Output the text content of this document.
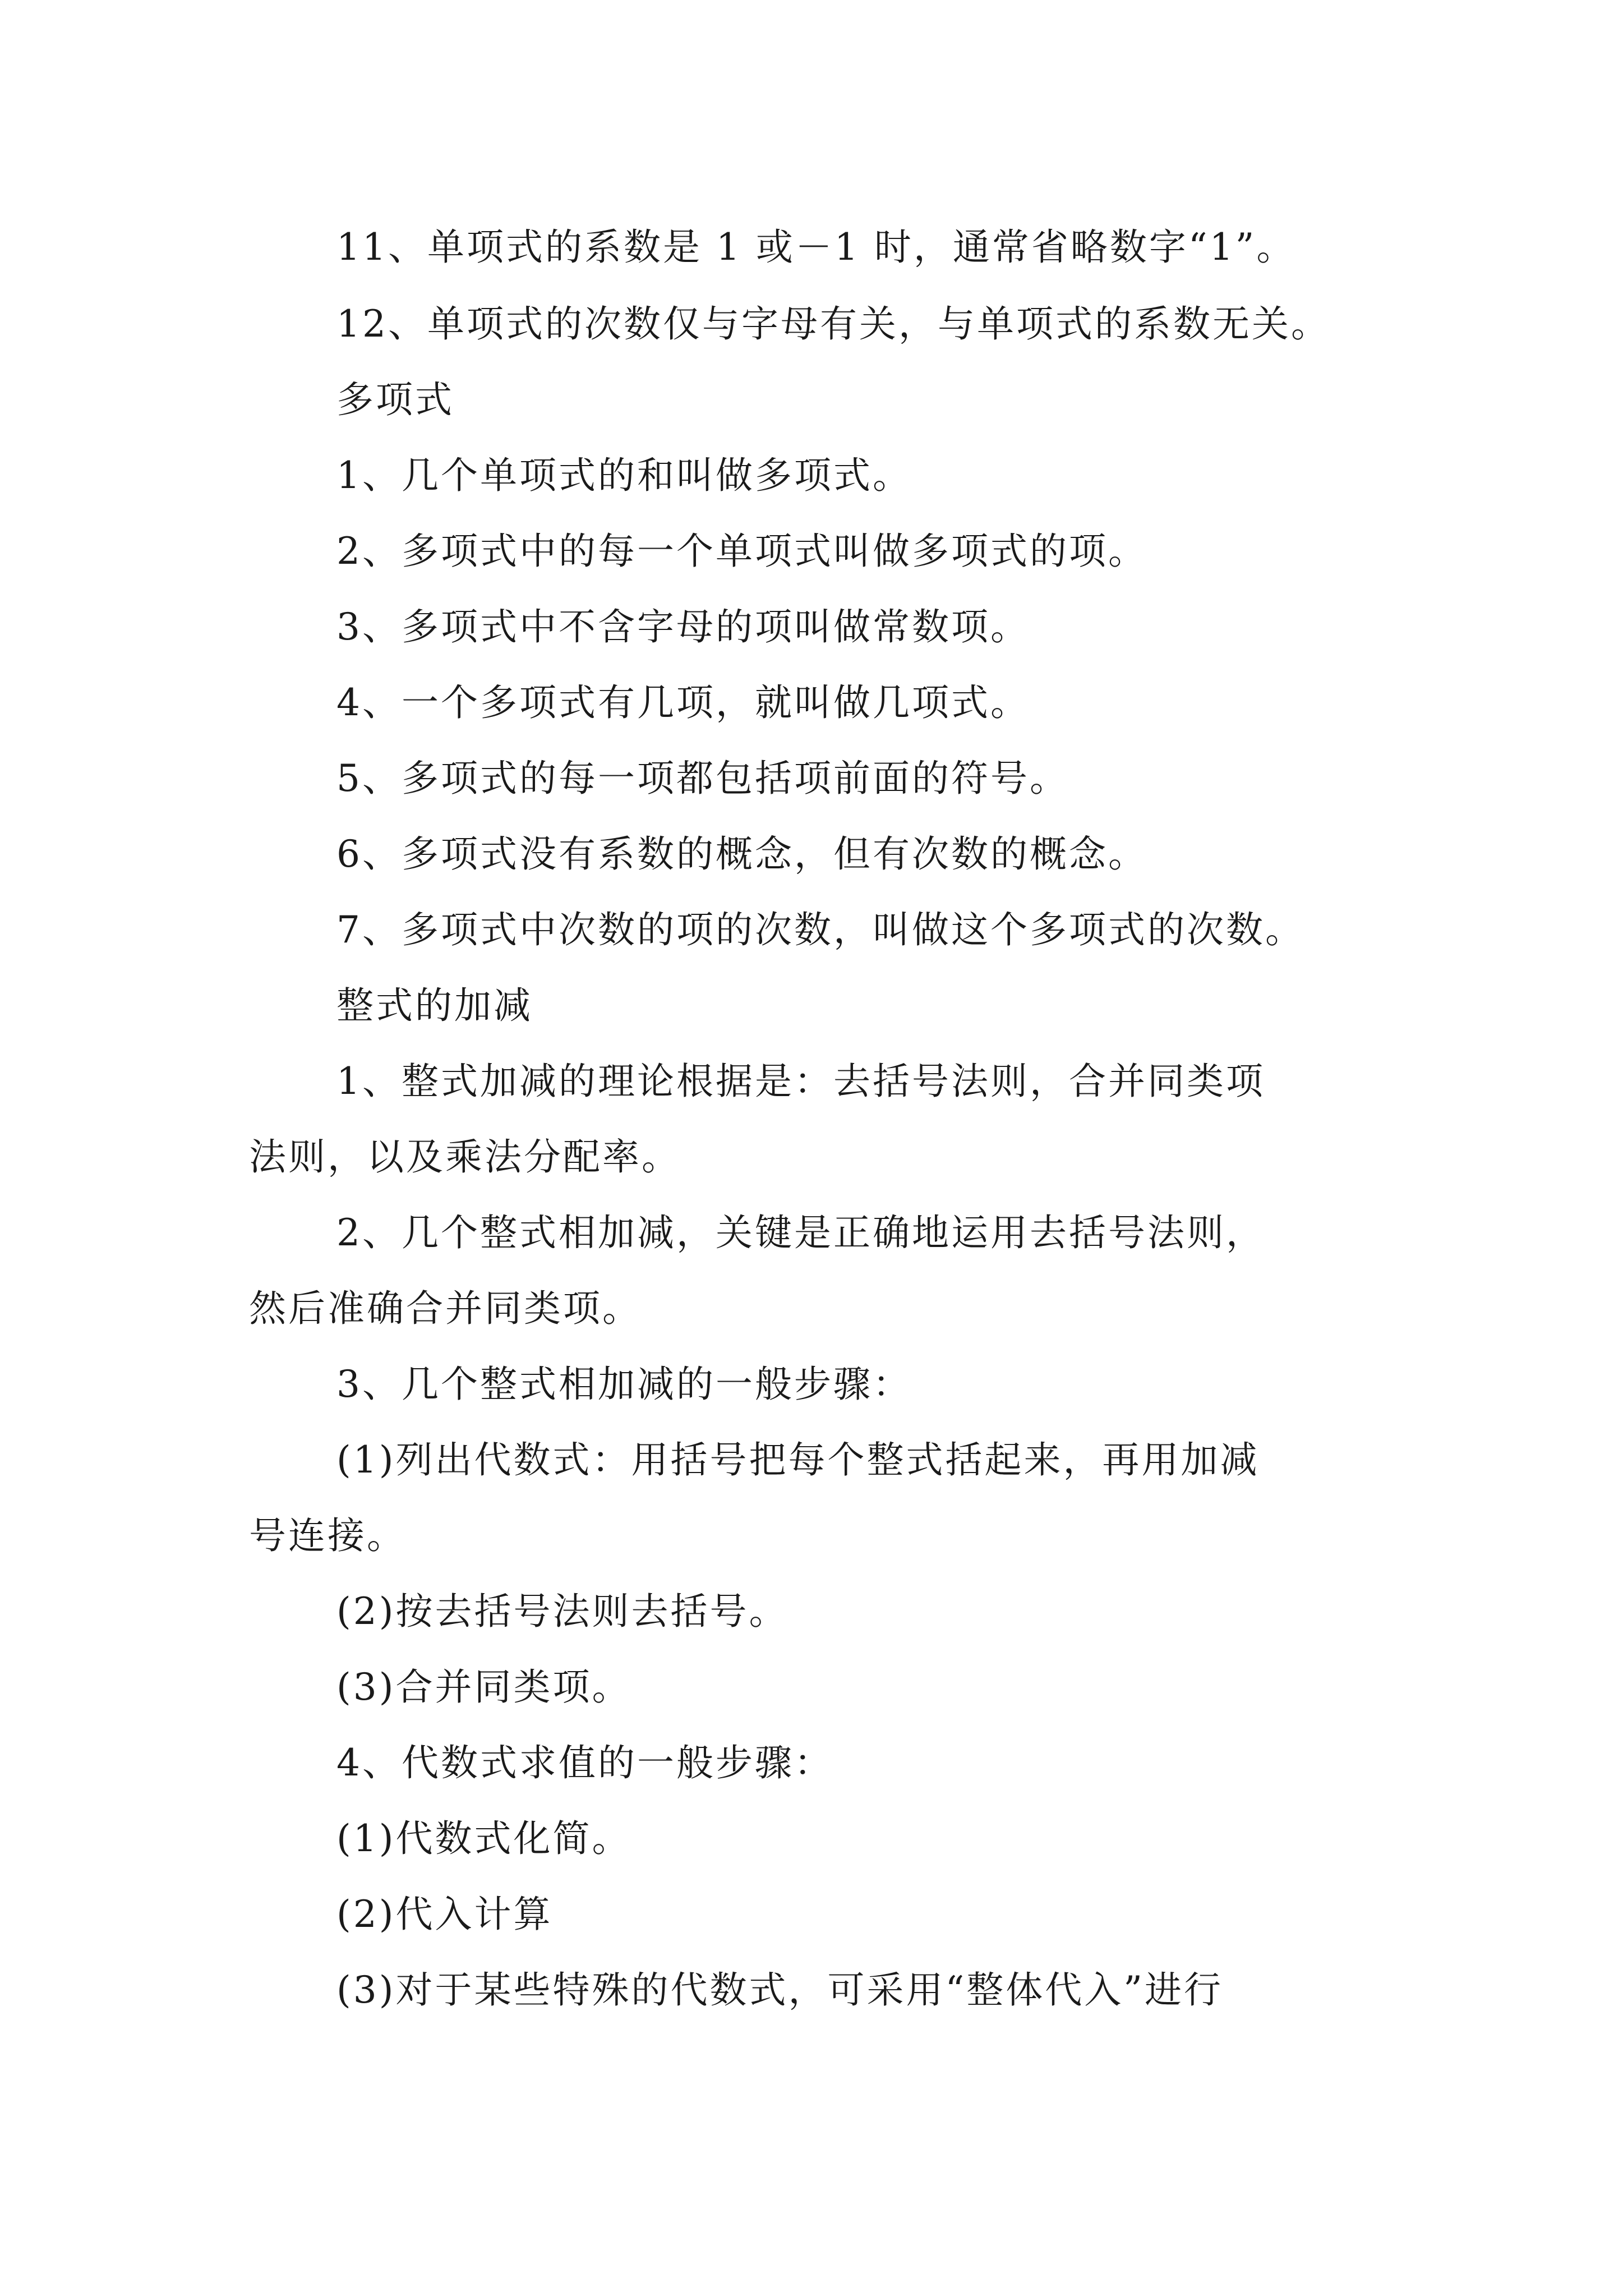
11、单项式的系数是 1 或－1 时，通常省略数字“1”。

12、单项式的次数仅与字母有关，与单项式的系数无关。

多项式

1、几个单项式的和叫做多项式。

2、多项式中的每一个单项式叫做多项式的项。

3、多项式中不含字母的项叫做常数项。

4、一个多项式有几项，就叫做几项式。

5、多项式的每一项都包括项前面的符号。

6、多项式没有系数的概念，但有次数的概念。

7、多项式中次数的项的次数，叫做这个多项式的次数。

整式的加减

1、整式加减的理论根据是：去括号法则，合并同类项

法则，以及乘法分配率。

2、几个整式相加减，关键是正确地运用去括号法则，

然后准确合并同类项。

3、几个整式相加减的一般步骤：

(1)列出代数式：用括号把每个整式括起来，再用加减

号连接。

(2)按去括号法则去括号。

(3)合并同类项。

4、代数式求值的一般步骤：

(1)代数式化简。

(2)代入计算

(3)对于某些特殊的代数式，可采用“整体代入”进行
